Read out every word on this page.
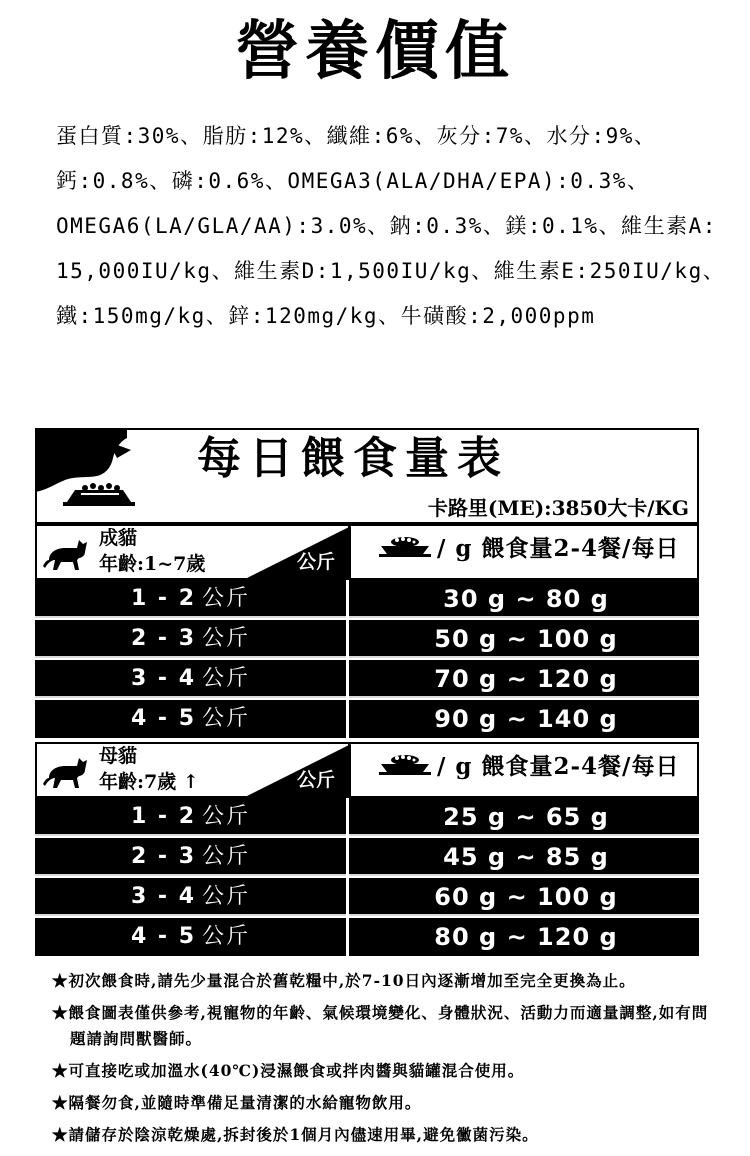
營養價值
蛋白質:30%、脂肪:12%、纖維:6%、灰分:7%、水分:9%、
鈣:0.8%、磷:0.6%、OMEGA3(ALA/DHA/EPA):0.3%、
OMEGA6(LA/GLA/AA):3.0%、鈉:0.3%、鎂:0.1%、維生素A:
15,000IU/kg、維生素D:1,500IU/kg、維生素E:250IU/kg、
鐵:150mg/kg、鋅:120mg/kg、牛磺酸:2,000ppm
每日餵食量表
卡路里(ME):3850大卡/KG
成貓
年齡:1~7歲	公斤	/ g 餵食量2-4餐/每日
1 - 2 公斤	30 g ~ 80 g
2 - 3 公斤	50 g ~ 100 g
3 - 4 公斤	70 g ~ 120 g
4 - 5 公斤	90 g ~ 140 g
母貓
年齡:7歲 ↑	公斤	/ g 餵食量2-4餐/每日
1 - 2 公斤	25 g ~ 65 g
2 - 3 公斤	45 g ~ 85 g
3 - 4 公斤	60 g ~ 100 g
4 - 5 公斤	80 g ~ 120 g
★初次餵食時,請先少量混合於舊乾糧中,於7-10日內逐漸增加至完全更換為止。
★餵食圖表僅供參考,視寵物的年齡、氣候環境變化、身體狀況、活動力而適量調整,如有問題請詢問獸醫師。
★可直接吃或加溫水(40℃)浸濕餵食或拌肉醬與貓罐混合使用。
★隔餐勿食,並隨時準備足量清潔的水給寵物飲用。
★請儲存於陰涼乾燥處,拆封後於1個月內儘速用畢,避免黴菌污染。
